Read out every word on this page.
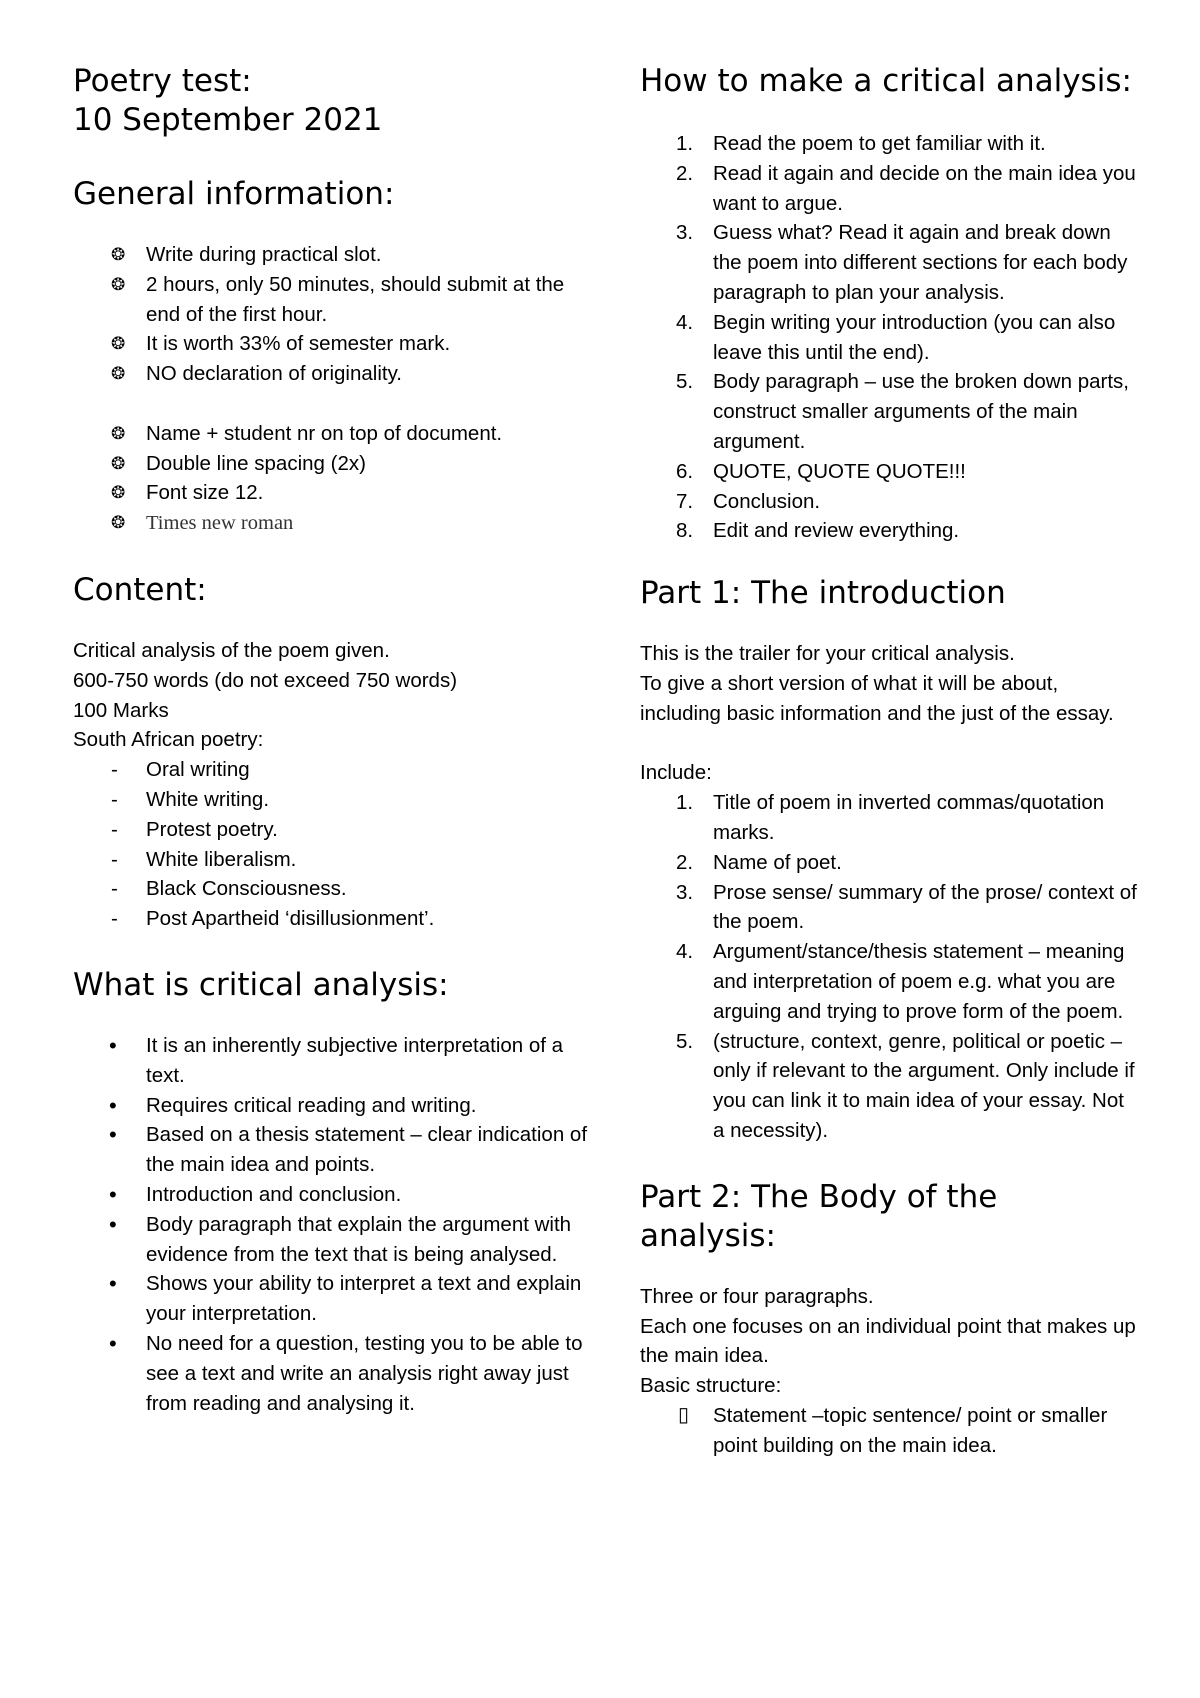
Poetry test:
10 September 2021
General information:
❂	Write during practical slot.
❂	2 hours, only 50 minutes, should submit at the end of the first hour.
❂	It is worth 33% of semester mark.
❂	NO declaration of originality.
❂	Name + student nr on top of document.
❂	Double line spacing (2x)
❂	Font size 12.
❂	Times new roman
Content:

Critical analysis of the poem given.

600-750 words (do not exceed 750 words)

100 Marks

South African poetry:

-	Oral writing
-	White writing.
-	Protest poetry.
-	White liberalism.
-	Black Consciousness.
-	Post Apartheid ‘disillusionment’.
What is critical analysis:
•	It is an inherently subjective interpretation of a text.
•	Requires critical reading and writing.
•	Based on a thesis statement – clear indication of the main idea and points.
•	Introduction and conclusion.
•	Body paragraph that explain the argument with evidence from the text that is being analysed.
•	Shows your ability to interpret a text and explain your interpretation.
•	No need for a question, testing you to be able to see a text and write an analysis right away just from reading and analysing it.
How to make a critical analysis:
1. Read the poem to get familiar with it.
2. Read it again and decide on the main idea you want to argue.
3. Guess what? Read it again and break down the poem into different sections for each body paragraph to plan your analysis.
4. Begin writing your introduction (you can also leave this until the end).
5. Body paragraph – use the broken down parts, construct smaller arguments of the main argument.
6. QUOTE, QUOTE QUOTE!!!
7. Conclusion.
8. Edit and review everything.
Part 1: The introduction

This is the trailer for your critical analysis.

To give a short version of what it will be about, including basic information and the just of the essay.

Include:

1. Title of poem in inverted commas/quotation marks.
2. Name of poet.
3. Prose sense/ summary of the prose/ context of the poem.
4. Argument/stance/thesis statement – meaning and interpretation of poem e.g. what you are arguing and trying to prove form of the poem.
5. (structure, context, genre, political or poetic – only if relevant to the argument. Only include if you can link it to main idea of your essay. Not a necessity).
Part 2: The Body of the analysis:

Three or four paragraphs.

Each one focuses on an individual point that makes up the main idea.

Basic structure:

▯	Statement –topic sentence/ point or smaller point building on the main idea.
